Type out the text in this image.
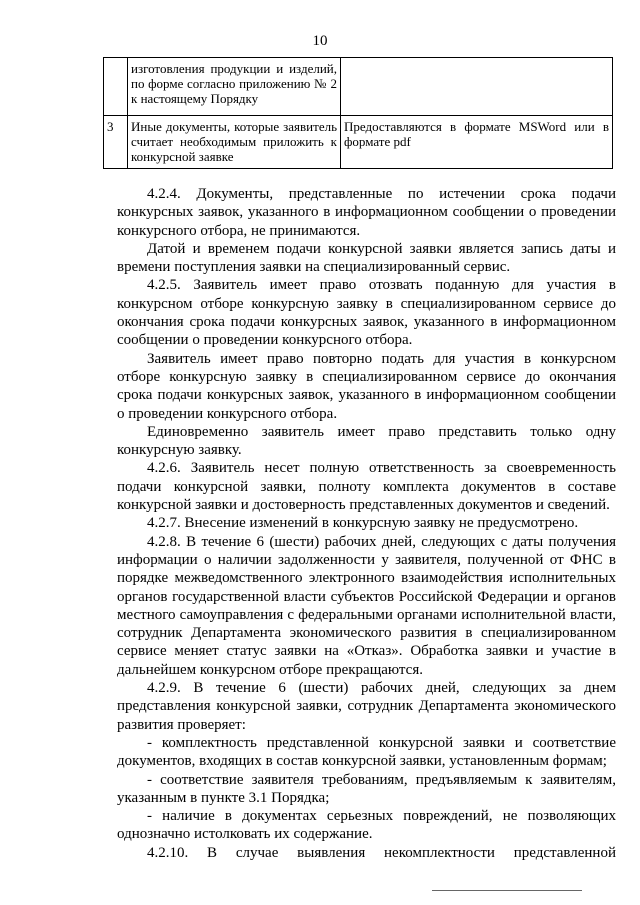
10
	изготовления продукции и изделий, по форме согласно приложению № 2 к настоящему Порядку	
3	Иные документы, которые заявитель считает необходимым приложить к конкурсной заявке	Предоставляются в формате MSWord или в формате pdf

4.2.4. Документы, представленные по истечении срока подачи конкурсных заявок, указанного в информационном сообщении о проведении конкурсного отбора, не принимаются.

Датой и временем подачи конкурсной заявки является запись даты и времени поступления заявки на специализированный сервис.

4.2.5. Заявитель имеет право отозвать поданную для участия в конкурсном отборе конкурсную заявку в специализированном сервисе до окончания срока подачи конкурсных заявок, указанного в информационном сообщении о проведении конкурсного отбора.

Заявитель имеет право повторно подать для участия в конкурсном отборе конкурсную заявку в специализированном сервисе до окончания срока подачи конкурсных заявок, указанного в информационном сообщении о проведении конкурсного отбора.

Единовременно заявитель имеет право представить только одну конкурсную заявку.

4.2.6. Заявитель несет полную ответственность за своевременность подачи конкурсной заявки, полноту комплекта документов в составе конкурсной заявки и достоверность представленных документов и сведений.

4.2.7. Внесение изменений в конкурсную заявку не предусмотрено.

4.2.8. В течение 6 (шести) рабочих дней, следующих с даты получения информации о наличии задолженности у заявителя, полученной от ФНС в порядке межведомственного электронного взаимодействия исполнительных органов государственной власти субъектов Российской Федерации и органов местного самоуправления с федеральными органами исполнительной власти, сотрудник Департамента экономического развития в специализированном сервисе меняет статус заявки на «Отказ». Обработка заявки и участие в дальнейшем конкурсном отборе прекращаются.

4.2.9. В течение 6 (шести) рабочих дней, следующих за днем представления конкурсной заявки, сотрудник Департамента экономического развития проверяет:

- комплектность представленной конкурсной заявки и соответствие документов, входящих в состав конкурсной заявки, установленным формам;

- соответствие заявителя требованиям, предъявляемым к заявителям, указанным в пункте 3.1 Порядка;

- наличие в документах серьезных повреждений, не позволяющих однозначно истолковать их содержание.

4.2.10. В случае выявления некомплектности представленной
